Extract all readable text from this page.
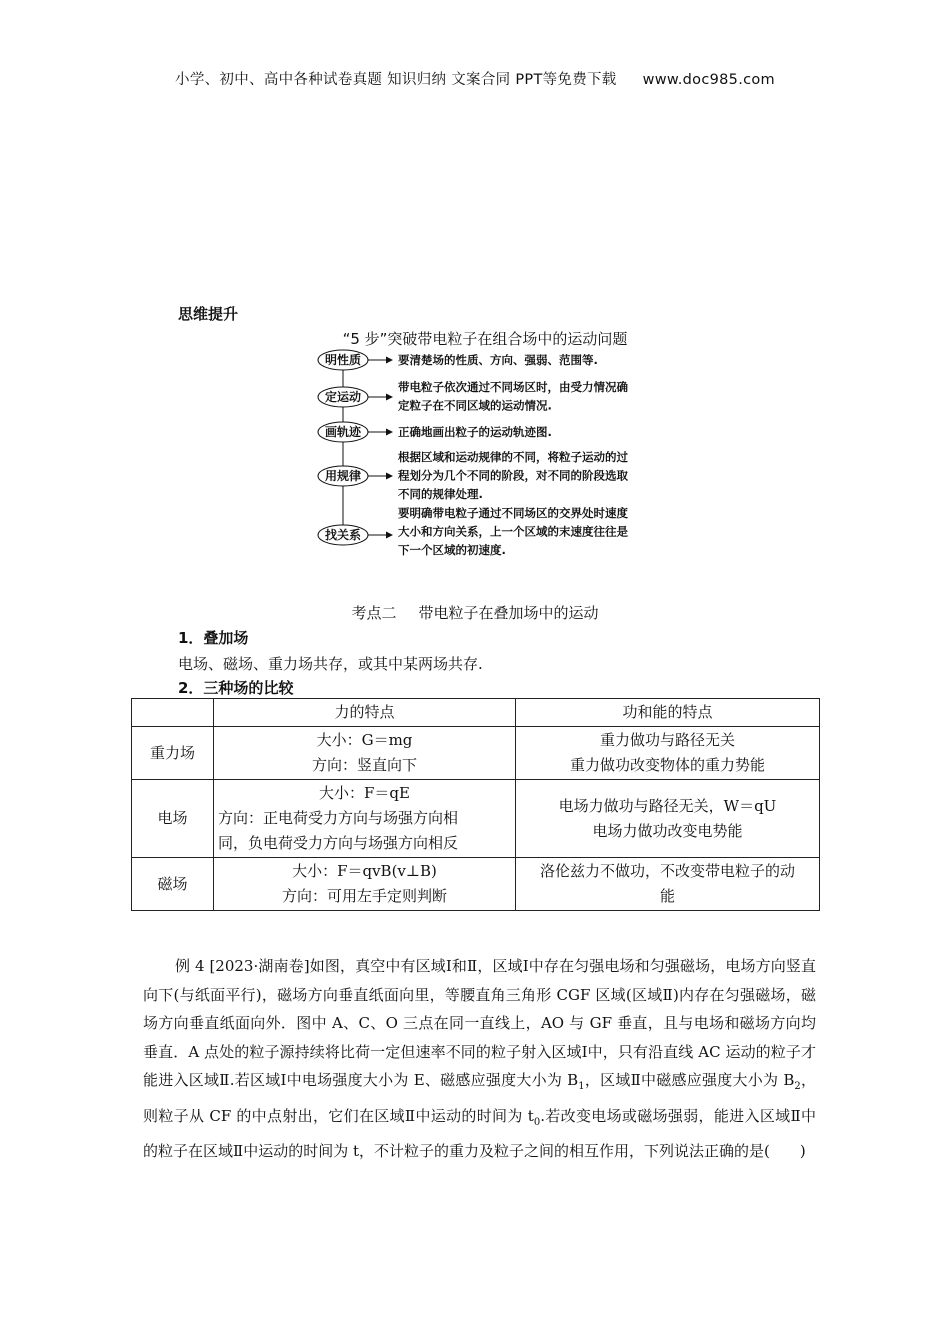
小学、初中、高中各种试卷真题 知识归纳 文案合同 PPT等免费下载 www.doc985.com
思维提升
“5 步”突破带电粒子在组合场中的运动问题
明性质	要清楚场的性质、方向、强弱、范围等.
定运动
带电粒子依次通过不同场区时，由受力情况确
定粒子在不同区域的运动情况.
画轨迹	正确地画出粒子的运动轨迹图.
用规律
根据区域和运动规律的不同，将粒子运动的过
程划分为几个不同的阶段，对不同的阶段选取
不同的规律处理.
找关系
要明确带电粒子通过不同场区的交界处时速度
大小和方向关系，上一个区域的末速度往往是
下一个区域的初速度.
考点二 带电粒子在叠加场中的运动
1．叠加场
电场、磁场、重力场共存，或其中某两场共存.
2．三种场的比较
	力的特点	功和能的特点
重力场	大小：G＝mg
方向：竖直向下	重力做功与路径无关
重力做功改变物体的重力势能

电场	大小：F＝qE
方向：正电荷受力方向与场强方向相
同，负电荷受力方向与场强方向相反	电场力做功与路径无关，W＝qU
电场力做功改变电势能

磁场	大小：F＝qvB(v⊥B)
方向：可用左手定则判断	洛伦兹力不做功，不改变带电粒子的动
能
例 4 [2023·湖南卷]如图，真空中有区域Ⅰ和Ⅱ，区域Ⅰ中存在匀强电场和匀强磁场，电场方向竖直向下(与纸面平行)，磁场方向垂直纸面向里，等腰直角三角形 CGF 区域(区域Ⅱ)内存在匀强磁场，磁场方向垂直纸面向外．图中 A、C、O 三点在同一直线上，AO 与 GF 垂直，且与电场和磁场方向均垂直．A 点处的粒子源持续将比荷一定但速率不同的粒子射入区域Ⅰ中，只有沿直线 AC 运动的粒子才能进入区域Ⅱ.若区域Ⅰ中电场强度大小为 E、磁感应强度大小为 $B_1$，区域Ⅱ中磁感应强度大小为 $B_2$，则粒子从 CF 的中点射出，它们在区域Ⅱ中运动的时间为 $t_0$.若改变电场或磁场强弱，能进入区域Ⅱ中的粒子在区域Ⅱ中运动的时间为 t，不计粒子的重力及粒子之间的相互作用，下列说法正确的是(　　)
